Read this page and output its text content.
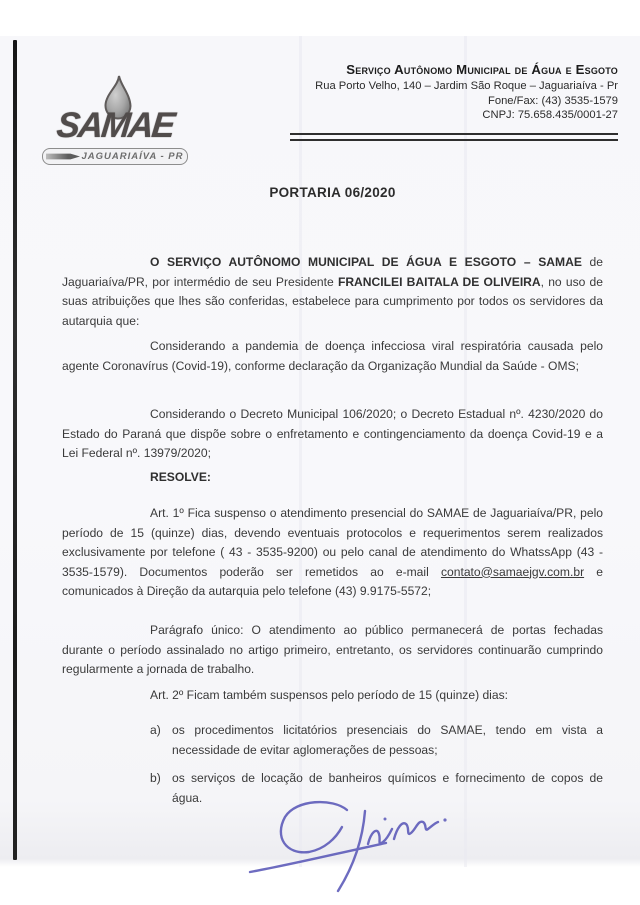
SAMAE
JAGUARIAÍVA - PR
Serviço Autônomo Municipal de Água e Esgoto
Rua Porto Velho, 140 – Jardim São Roque – Jaguariaíva - Pr
Fone/Fax: (43) 3535-1579
CNPJ: 75.658.435/0001-27
PORTARIA 06/2020

O SERVIÇO AUTÔNOMO MUNICIPAL DE ÁGUA E ESGOTO – SAMAE de Jaguariaíva/PR, por intermédio de seu Presidente FRANCILEI BAITALA DE OLIVEIRA, no uso de suas atribuições que lhes são conferidas, estabelece para cumprimento por todos os servidores da autarquia que:

Considerando a pandemia de doença infecciosa viral respiratória causada pelo agente Coronavírus (Covid-19), conforme declaração da Organização Mundial da Saúde - OMS;

Considerando o Decreto Municipal 106/2020; o Decreto Estadual nº. 4230/2020 do Estado do Paraná que dispõe sobre o enfretamento e contingenciamento da doença Covid-19 e a Lei Federal nº. 13979/2020;

RESOLVE:

Art. 1º Fica suspenso o atendimento presencial do SAMAE de Jaguariaíva/PR, pelo período de 15 (quinze) dias, devendo eventuais protocolos e requerimentos serem realizados exclusivamente por telefone ( 43 - 3535-9200) ou pelo canal de atendimento do WhatssApp (43 - 3535-1579). Documentos poderão ser remetidos ao e-mail contato@samaejgv.com.br e comunicados à Direção da autarquia pelo telefone (43) 9.9175-5572;

Parágrafo único: O atendimento ao público permanecerá de portas fechadas durante o período assinalado no artigo primeiro, entretanto, os servidores continuarão cumprindo regularmente a jornada de trabalho.

Art. 2º Ficam também suspensos pelo período de 15 (quinze) dias:

a) os procedimentos licitatórios presenciais do SAMAE, tendo em vista a necessidade de evitar aglomerações de pessoas;

b) os serviços de locação de banheiros químicos e fornecimento de copos de água.
